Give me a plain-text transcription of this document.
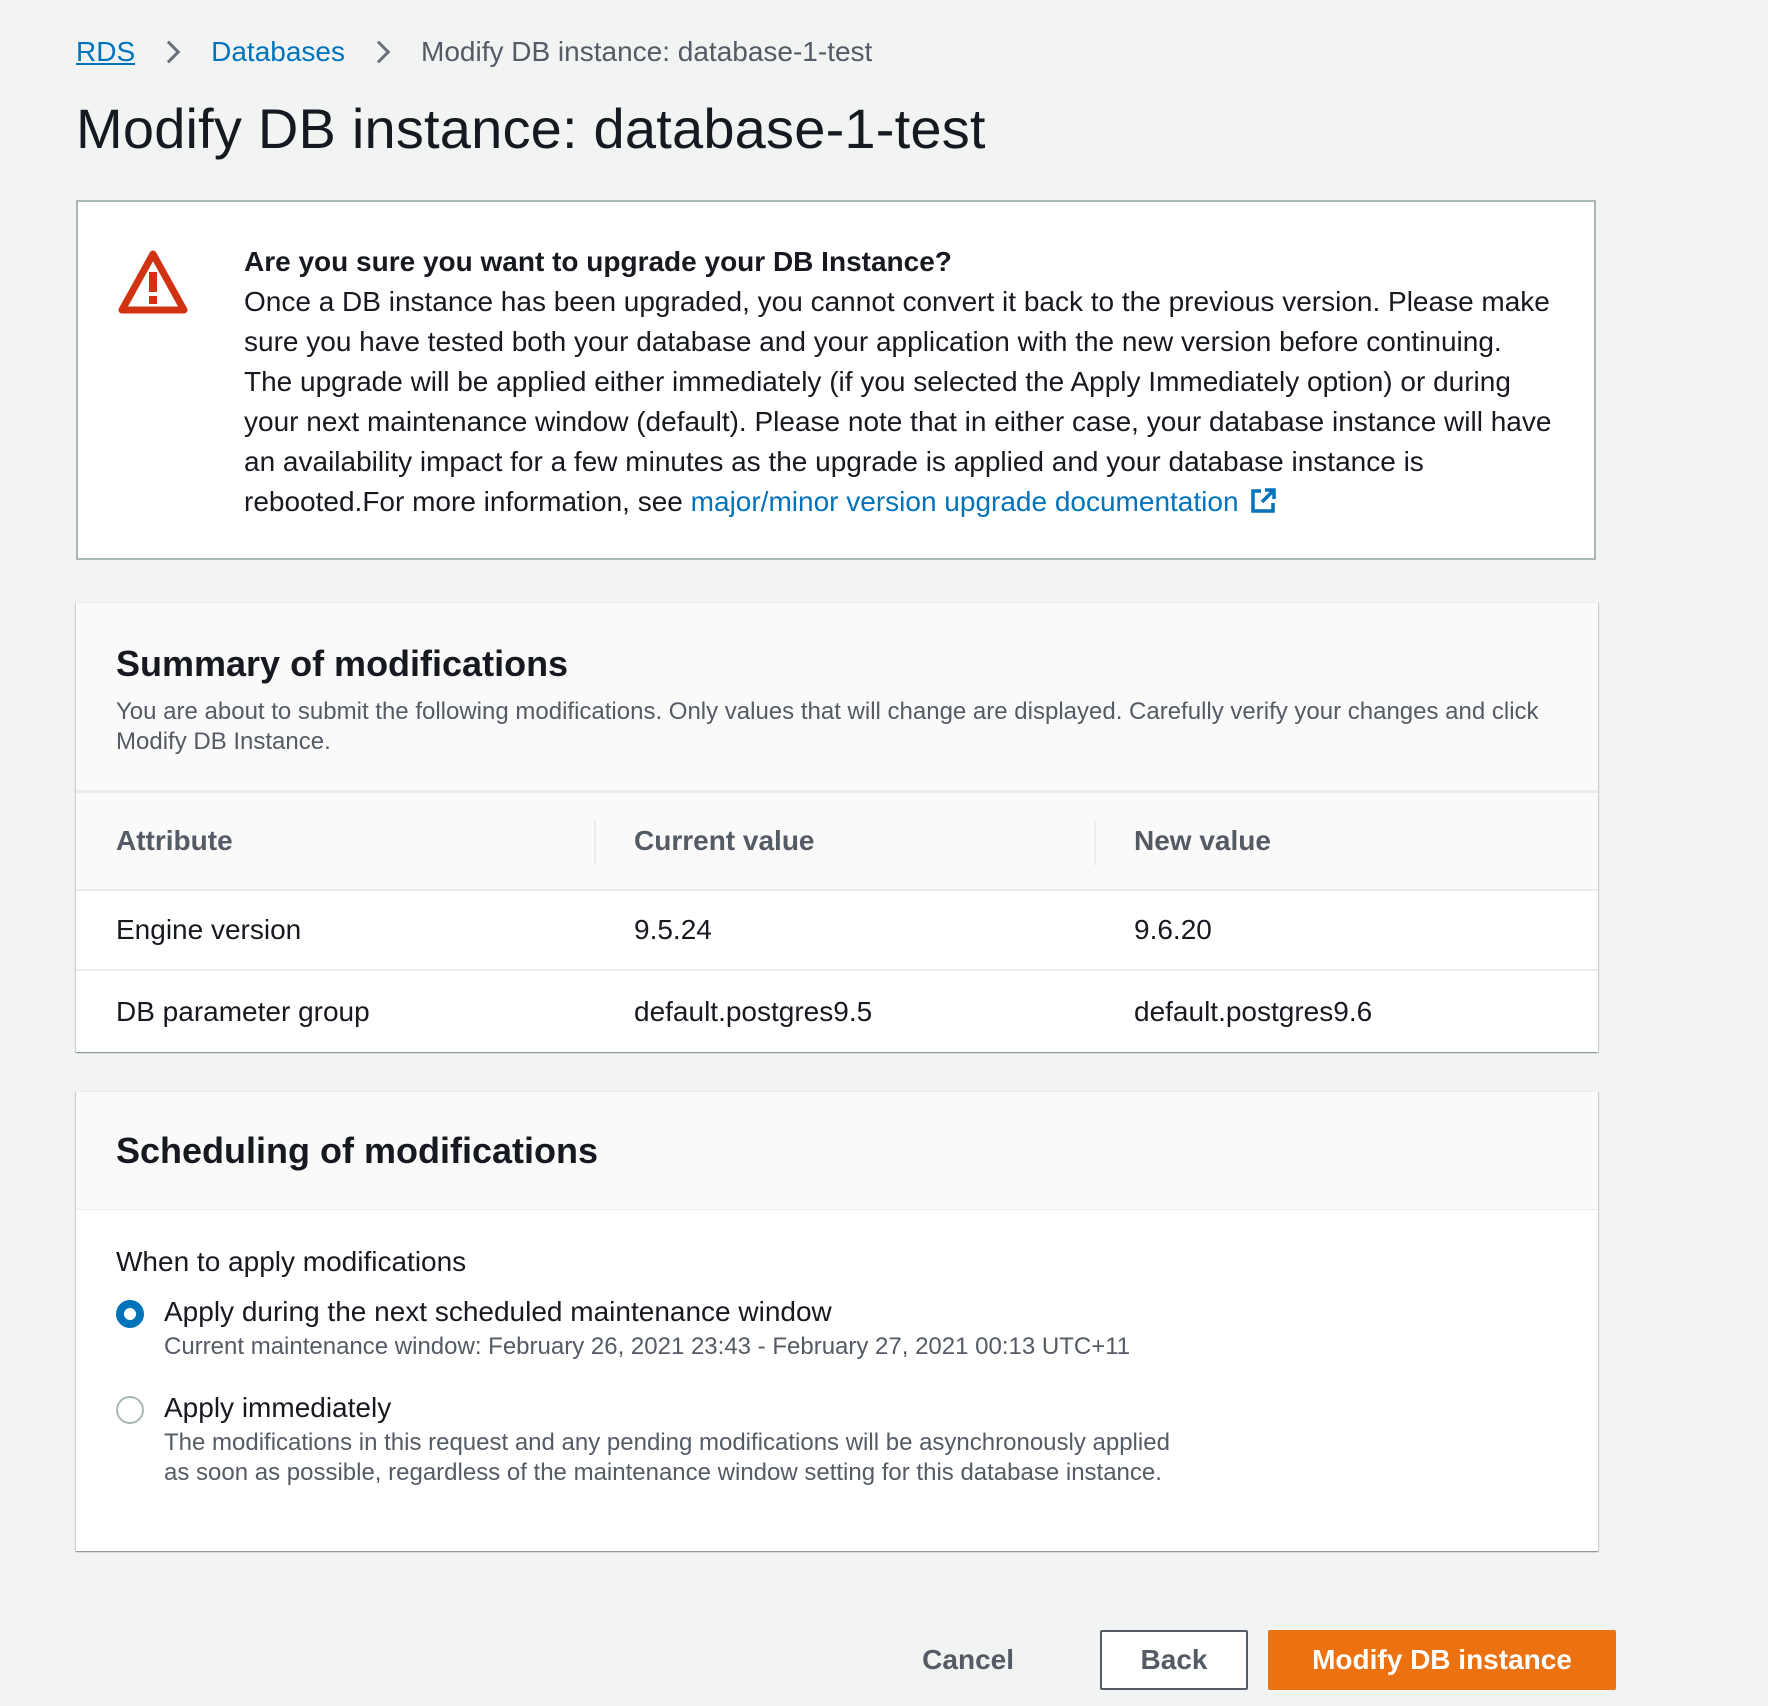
RDS	Databases	Modify DB instance: database-1-test
Modify DB instance: database-1-test
Are you sure you want to upgrade your DB Instance?
Once a DB instance has been upgraded, you cannot convert it back to the previous version. Please make sure you have tested both your database and your application with the new version before continuing. The upgrade will be applied either immediately (if you selected the Apply Immediately option) or during your next maintenance window (default). Please note that in either case, your database instance will have an availability impact for a few minutes as the upgrade is applied and your database instance is rebooted.For more information, see major/minor version upgrade documentation
Summary of modifications

You are about to submit the following modifications. Only values that will change are displayed. Carefully verify your changes and click Modify DB Instance.

Attribute	Current value	New value
Engine version	9.5.24	9.6.20
DB parameter group	default.postgres9.5	default.postgres9.6
Scheduling of modifications
When to apply modifications
Apply during the next scheduled maintenance window
Current maintenance window: February 26, 2021 23:43 - February 27, 2021 00:13 UTC+11
Apply immediately
The modifications in this request and any pending modifications will be asynchronously applied as soon as possible, regardless of the maintenance window setting for this database instance.
Cancel	Back	Modify DB instance
